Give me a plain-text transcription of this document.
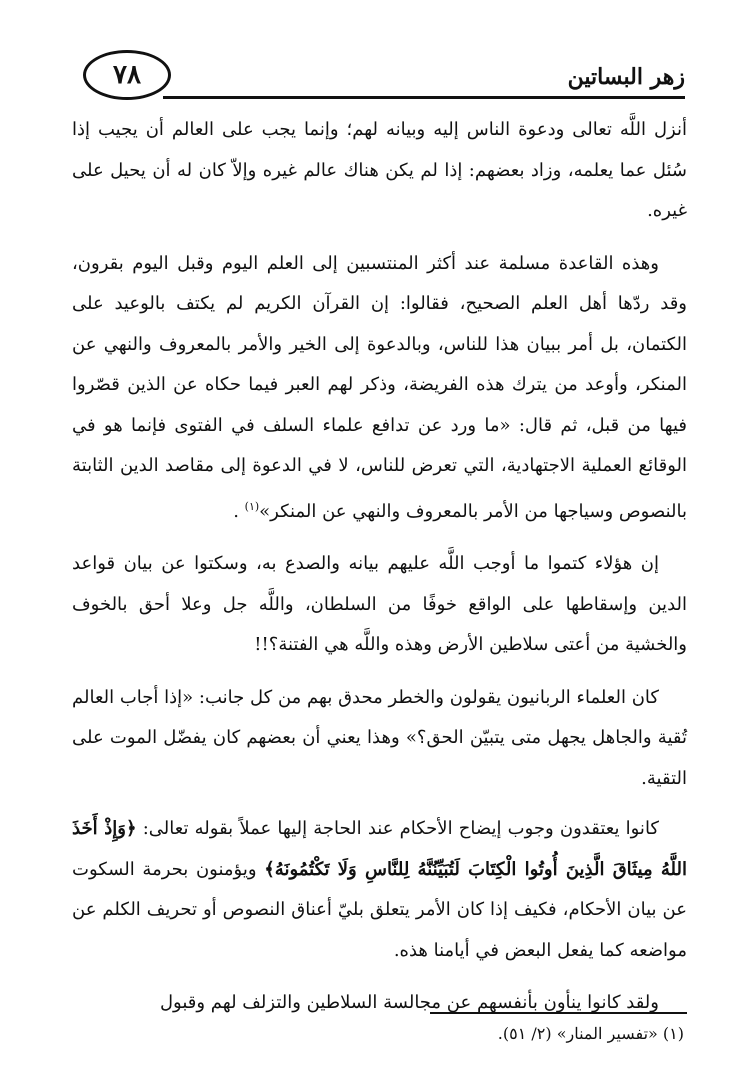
٧٨	زهر البساتين

أنزل اللَّه تعالى ودعوة الناس إليه وبيانه لهم؛ وإنما يجب على العالم أن يجيب إذا سُئل عما يعلمه، وزاد بعضهم: إذا لم يكن هناك عالم غيره وإلاّ كان له أن يحيل على غيره.

وهذه القاعدة مسلمة عند أكثر المنتسبين إلى العلم اليوم وقبل اليوم بقرون، وقد ردّها أهل العلم الصحيح، فقالوا: إن القرآن الكريم لم يكتف بالوعيد على الكتمان، بل أمر ببيان هذا للناس، وبالدعوة إلى الخير والأمر بالمعروف والنهي عن المنكر، وأوعد من يترك هذه الفريضة، وذكر لهم العبر فيما حكاه عن الذين قصّروا فيها من قبل، ثم قال: «ما ورد عن تدافع علماء السلف في الفتوى فإنما هو في الوقائع العملية الاجتهادية، التي تعرض للناس، لا في الدعوة إلى مقاصد الدين الثابتة بالنصوص وسياجها من الأمر بالمعروف والنهي عن المنكر»$^{(١)}$ .

إن هؤلاء كتموا ما أوجب اللَّه عليهم بيانه والصدع به، وسكتوا عن بيان قواعد الدين وإسقاطها على الواقع خوفًا من السلطان، واللَّه جل وعلا أحق بالخوف والخشية من أعتى سلاطين الأرض وهذه واللَّه هي الفتنة؟!!

كان العلماء الربانيون يقولون والخطر محدق بهم من كل جانب: «إذا أجاب العالم تُقية والجاهل يجهل متى يتبيّن الحق؟» وهذا يعني أن بعضهم كان يفضّل الموت على التقية.

كانوا يعتقدون وجوب إيضاح الأحكام عند الحاجة إليها عملاً بقوله تعالى: ﴿وَإِذْ أَخَذَ اللَّهُ مِيثَاقَ الَّذِينَ أُوتُوا الْكِتَابَ لَتُبَيِّنُنَّهُ لِلنَّاسِ وَلَا تَكْتُمُونَهُ﴾ ويؤمنون بحرمة السكوت عن بيان الأحكام، فكيف إذا كان الأمر يتعلق بليّ أعناق النصوص أو تحريف الكلم عن مواضعه كما يفعل البعض في أيامنا هذه.

ولقد كانوا ينأون بأنفسهم عن مجالسة السلاطين والتزلف لهم وقبول

(١) «تفسير المنار» (٢/ ٥١).
